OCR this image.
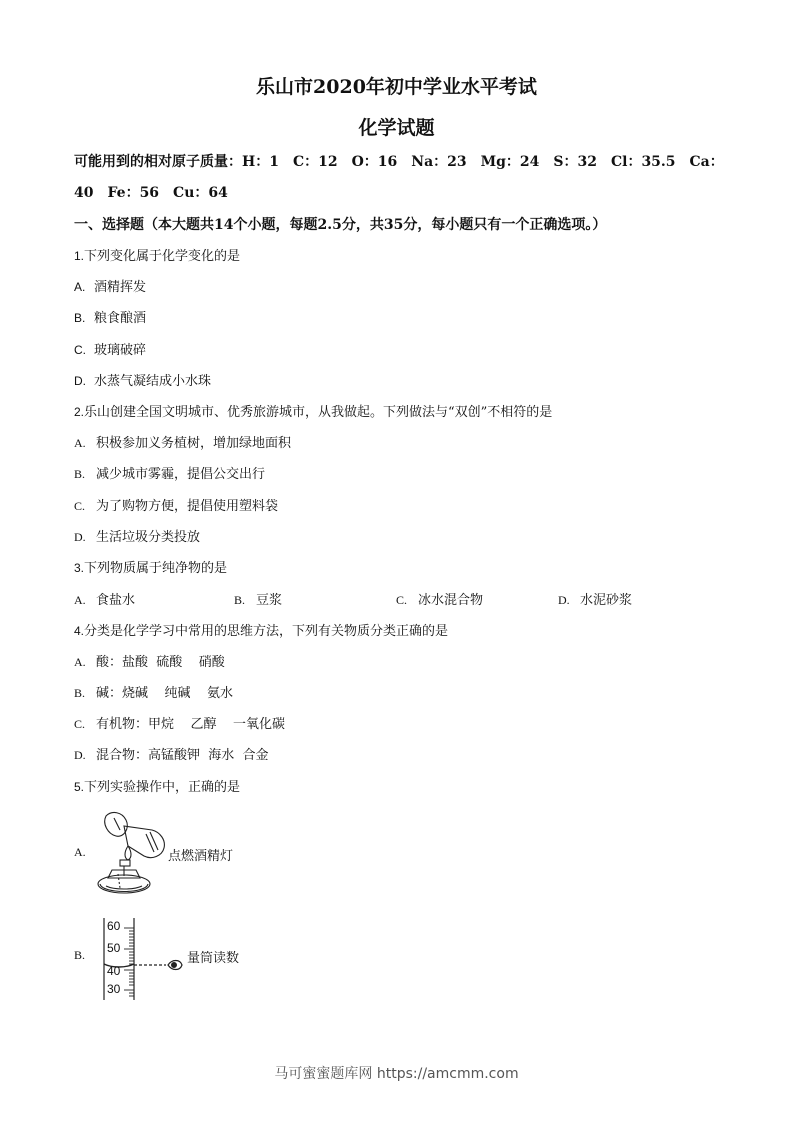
乐山市2020年初中学业水平考试
化学试题
可能用到的相对原子质量：H：1　C：12　O：16　Na：23　Mg：24　S：32　Cl：35.5　Ca：
40　Fe：56　Cu：64
一、选择题（本大题共14个小题，每题2.5分，共35分，每小题只有一个正确选项。）
1.下列变化属于化学变化的是
A. 酒精挥发
B. 粮食酿酒
C. 玻璃破碎
D. 水蒸气凝结成小水珠
2.乐山创建全国文明城市、优秀旅游城市，从我做起。下列做法与“双创”不相符的是
A. 积极参加义务植树，增加绿地面积
B. 减少城市雾霾，提倡公交出行
C. 为了购物方便，提倡使用塑料袋
D. 生活垃圾分类投放
3.下列物质属于纯净物的是
A. 食盐水	B. 豆浆	C. 冰水混合物	D. 水泥砂浆
4.分类是化学学习中常用的思维方法，下列有关物质分类正确的是
A. 酸：盐酸  硫酸    硝酸
B. 碱：烧碱    纯碱    氨水
C. 有机物：甲烷    乙醇    一氧化碳
D. 混合物：高锰酸钾  海水  合金
5.下列实验操作中，正确的是
A.	点燃酒精灯
B.
60
50
40
30
量筒读数
马可蜜蜜题库网 https://amcmm.com
